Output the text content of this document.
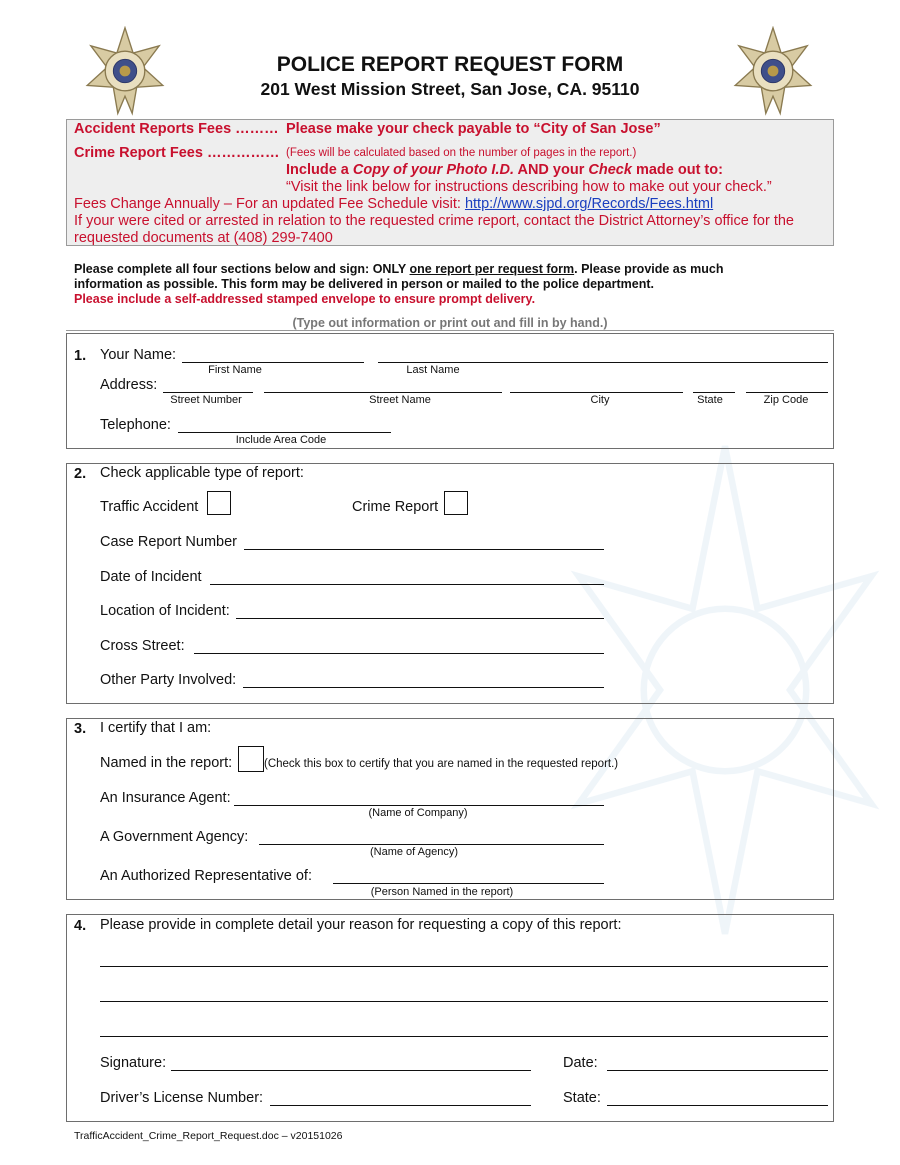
POLICE REPORT REQUEST FORM
201 West Mission Street, San Jose, CA. 95110
Accident Reports Fees ……… Please make your check payable to “City of San Jose”
Crime Report Fees …………… (Fees will be calculated based on the number of pages in the report.)
Include a Copy of your Photo I.D. AND your Check made out to:
“Visit the link below for instructions describing how to make out your check.”
Fees Change Annually – For an updated Fee Schedule visit: http://www.sjpd.org/Records/Fees.html
If your were cited or arrested in relation to the requested crime report, contact the District Attorney’s office for the
requested documents at (408) 299-7400
Please complete all four sections below and sign: ONLY one report per request form. Please provide as much
information as possible. This form may be delivered in person or mailed to the police department.
Please include a self-addressed stamped envelope to ensure prompt delivery.
(Type out information or print out and fill in by hand.)
1. Your Name:
First Name	Last Name
Address:
Street Number	Street Name	City	State	Zip Code
Telephone:
Include Area Code
2. Check applicable type of report:
Traffic Accident	Crime Report
Case Report Number
Date of Incident
Location of Incident:
Cross Street:
Other Party Involved:
3. I certify that I am:
Named in the report:	(Check this box to certify that you are named in the requested report.)
An Insurance Agent:
(Name of Company)
A Government Agency:
(Name of Agency)
An Authorized Representative of:
(Person Named in the report)
4. Please provide in complete detail your reason for requesting a copy of this report:
Signature:	Date:
Driver’s License Number:	State:
TrafficAccident_Crime_Report_Request.doc – v20151026
